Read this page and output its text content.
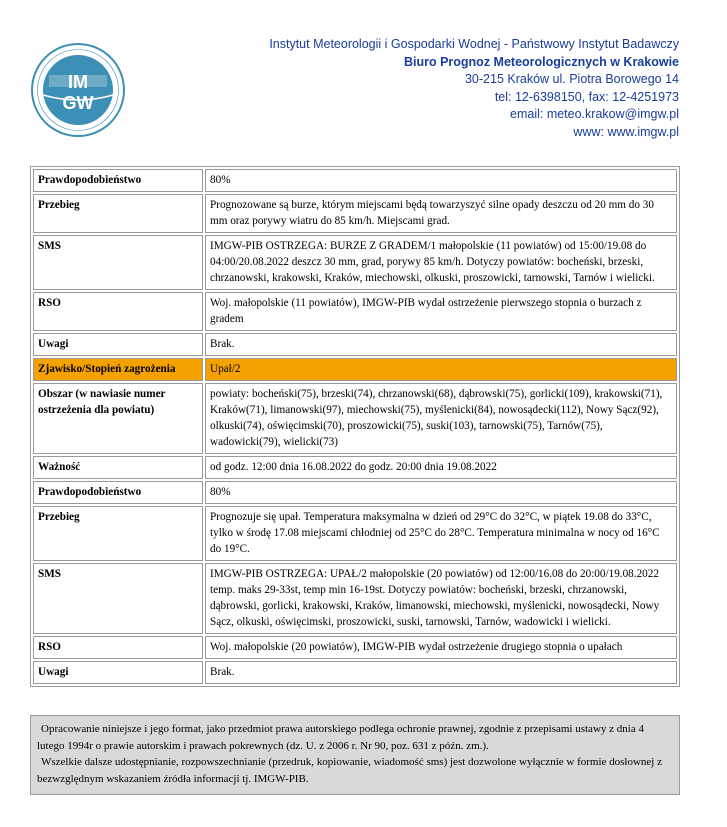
IM
GW
Instytut Meteorologii i Gospodarki Wodnej - Państwowy Instytut Badawczy
Biuro Prognoz Meteorologicznych w Krakowie
30-215 Kraków ul. Piotra Borowego 14
tel: 12-6398150, fax: 12-4251973
email: meteo.krakow@imgw.pl
www: www.imgw.pl
Prawdopodobieństwo	80%
Przebieg	Prognozowane są burze, którym miejscami będą towarzyszyć silne opady deszczu od 20 mm do 30 mm oraz porywy wiatru do 85 km/h. Miejscami grad.
SMS	IMGW-PIB OSTRZEGA: BURZE Z GRADEM/1 małopolskie (11 powiatów) od 15:00/19.08 do 04:00/20.08.2022 deszcz 30 mm, grad, porywy 85 km/h. Dotyczy powiatów: bocheński, brzeski, chrzanowski, krakowski, Kraków, miechowski, olkuski, proszowicki, tarnowski, Tarnów i wielicki.
RSO	Woj. małopolskie (11 powiatów), IMGW-PIB wydał ostrzeżenie pierwszego stopnia o burzach z gradem
Uwagi	Brak.
Zjawisko/Stopień zagrożenia	Upał/2
Obszar (w nawiasie numer ostrzeżenia dla powiatu)	powiaty: bocheński(75), brzeski(74), chrzanowski(68), dąbrowski(75), gorlicki(109), krakowski(71), Kraków(71), limanowski(97), miechowski(75), myślenicki(84), nowosądecki(112), Nowy Sącz(92), olkuski(74), oświęcimski(70), proszowicki(75), suski(103), tarnowski(75), Tarnów(75), wadowicki(79), wielicki(73)
Ważność	od godz. 12:00 dnia 16.08.2022 do godz. 20:00 dnia 19.08.2022
Prawdopodobieństwo	80%
Przebieg	Prognozuje się upał. Temperatura maksymalna w dzień od 29°C do 32°C, w piątek 19.08 do 33°C, tylko w środę 17.08 miejscami chłodniej od 25°C do 28°C. Temperatura minimalna w nocy od 16°C do 19°C.
SMS	IMGW-PIB OSTRZEGA: UPAŁ/2 małopolskie (20 powiatów) od 12:00/16.08 do 20:00/19.08.2022 temp. maks 29-33st, temp min 16-19st. Dotyczy powiatów: bocheński, brzeski, chrzanowski, dąbrowski, gorlicki, krakowski, Kraków, limanowski, miechowski, myślenicki, nowosądecki, Nowy Sącz, olkuski, oświęcimski, proszowicki, suski, tarnowski, Tarnów, wadowicki i wielicki.
RSO	Woj. małopolskie (20 powiatów), IMGW-PIB wydał ostrzeżenie drugiego stopnia o upałach
Uwagi	Brak.

Opracowanie niniejsze i jego format, jako przedmiot prawa autorskiego podlega ochronie prawnej, zgodnie z przepisami ustawy z dnia 4 lutego 1994r o prawie autorskim i prawach pokrewnych (dz. U. z 2006 r. Nr 90, poz. 631 z późn. zm.).

Wszelkie dalsze udostępnianie, rozpowszechnianie (przedruk, kopiowanie, wiadomość sms) jest dozwolone wyłącznie w formie dosłownej z bezwzględnym wskazaniem źródła informacji tj. IMGW-PIB.
